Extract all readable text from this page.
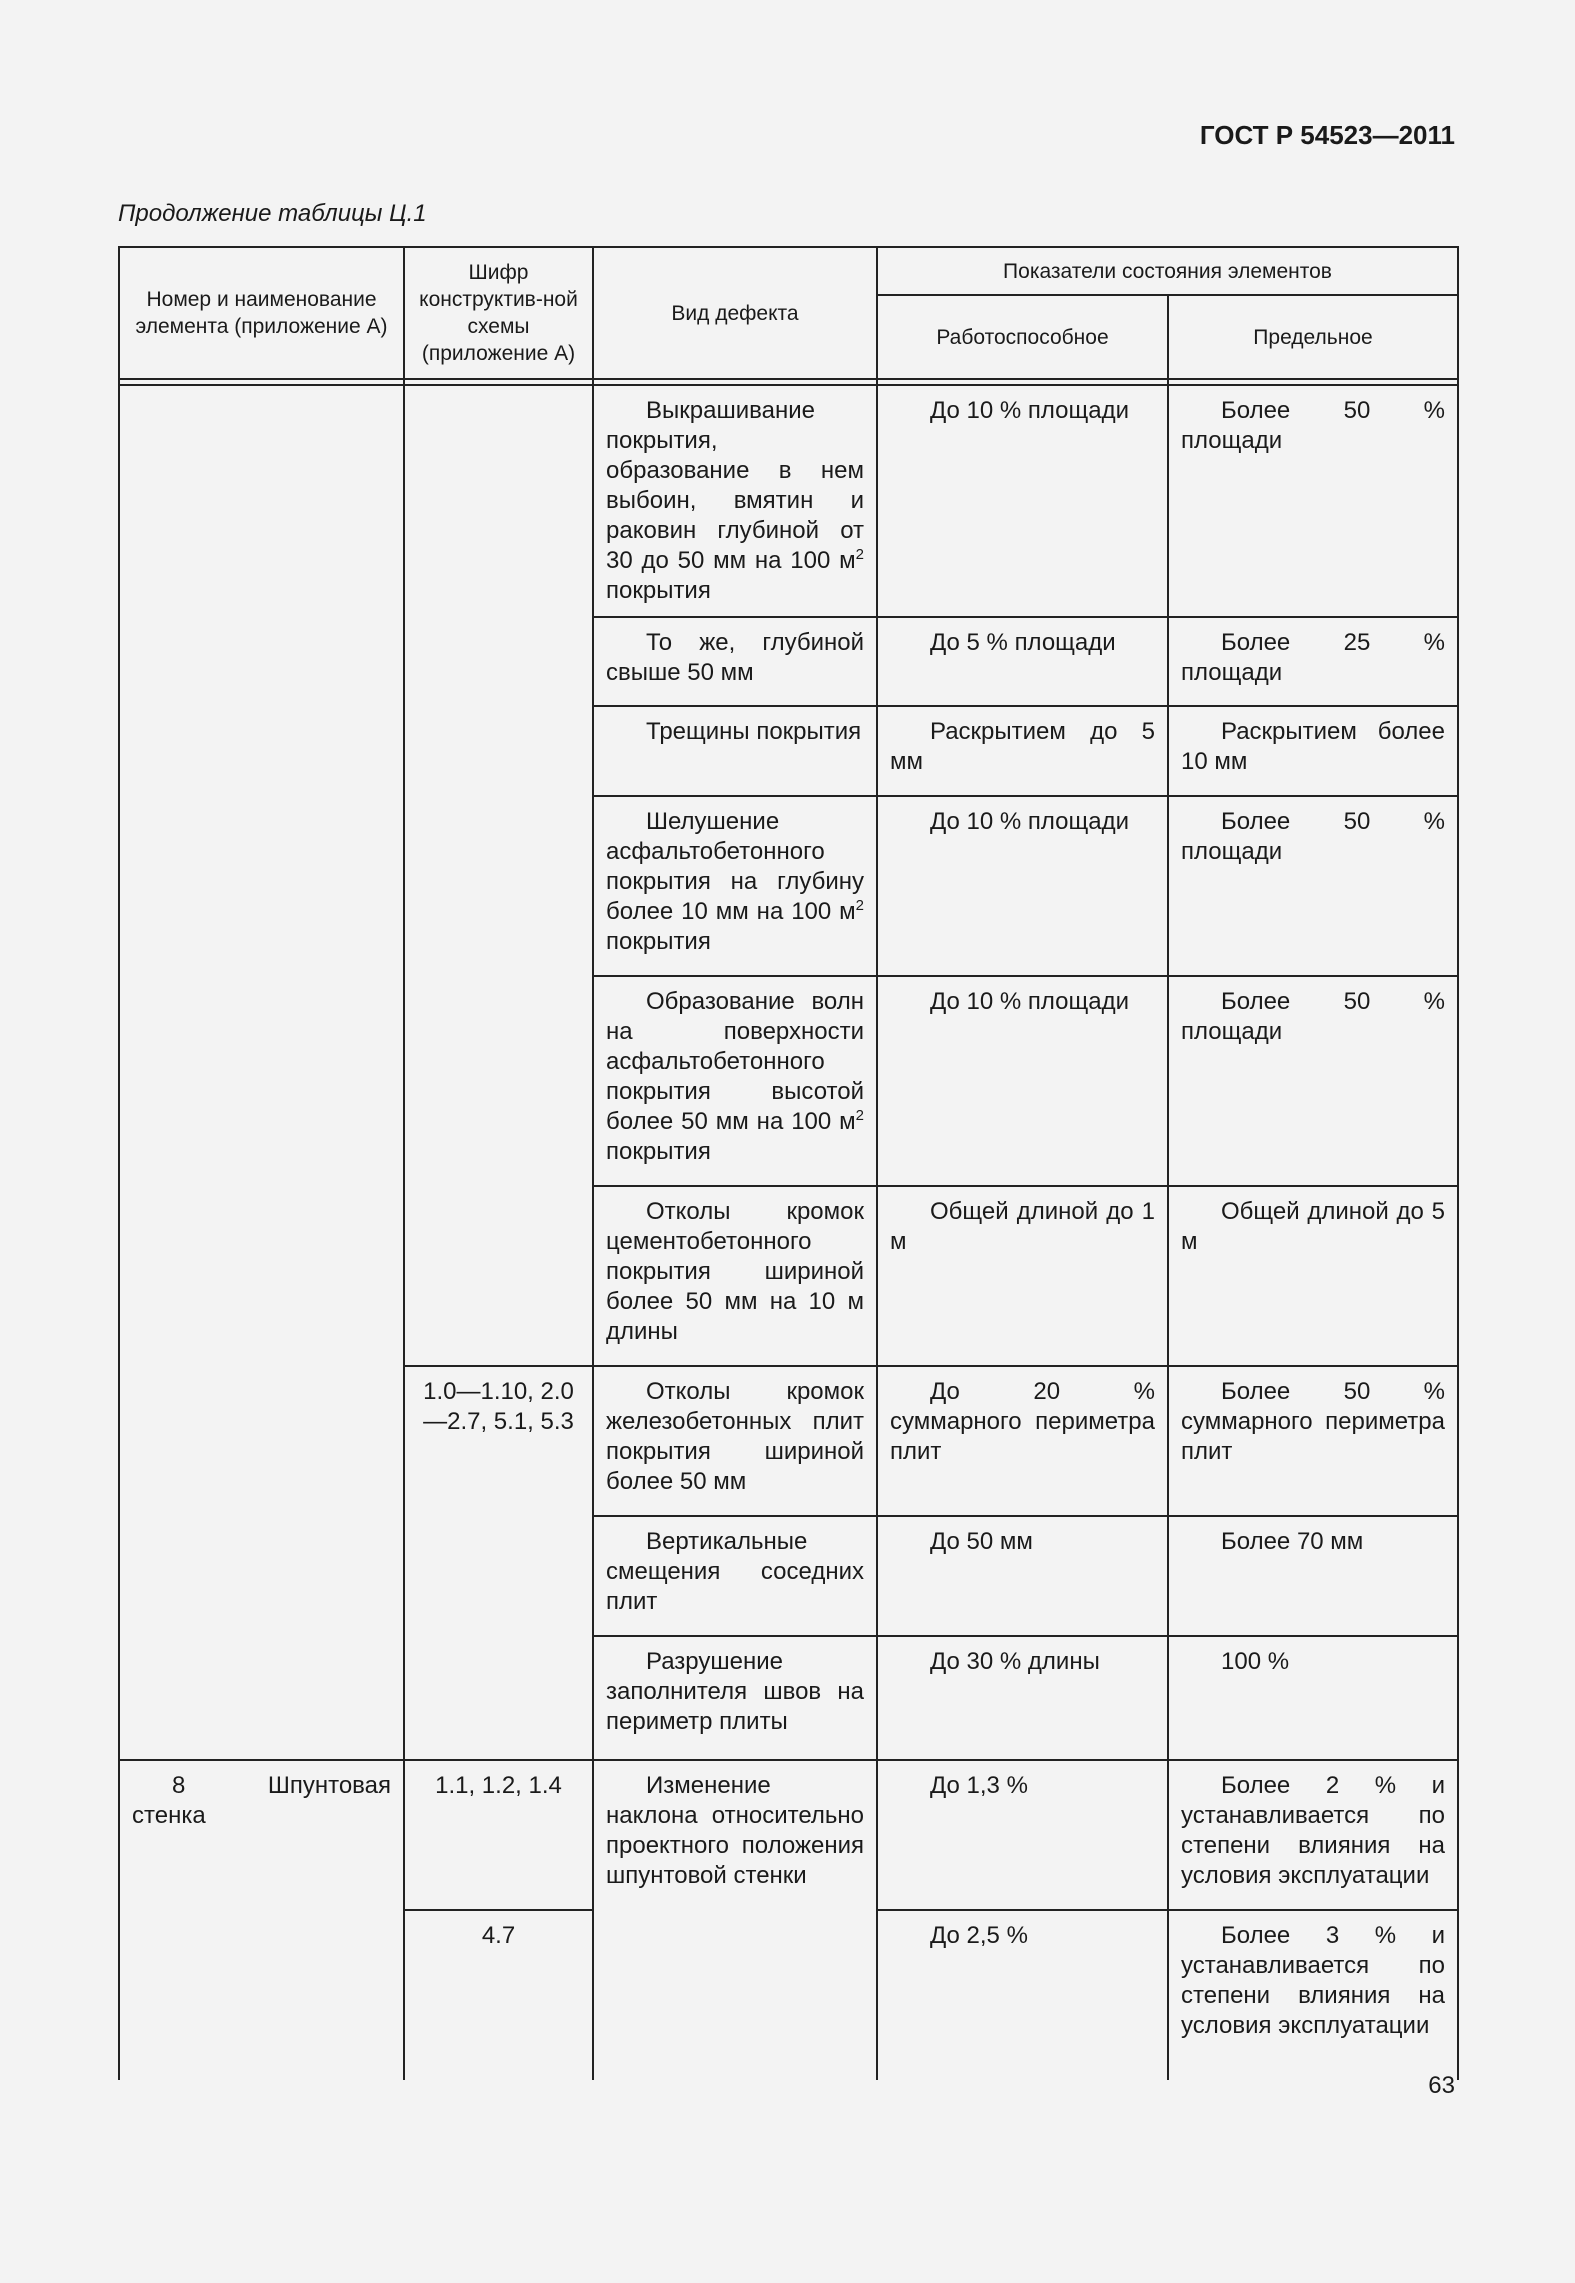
ГОСТ Р 54523—2011
Продолжение таблицы Ц.1
Номер и наименование элемента (приложение А)	Шифр конструктив-ной схемы (приложение А)	Вид дефекта	Показатели состояния элементов	
			Работоспособное	Предельное

		Выкрашивание покрытия, образование в нем выбоин, вмятин и раковин глубиной от 30 до 50 мм на 100 $м^2$ покрытия	До 10 % площади	Более 50 % площади
		То же, глубиной свыше 50 мм	До 5 % площади	Более 25 % площади
		Трещины покрытия	Раскрытием до 5 мм	Раскрытием более 10 мм
		Шелушение асфальтобетонного покрытия на глубину более 10 мм на 100 $м^2$ покрытия	До 10 % площади	Более 50 % площади
		Образование волн на поверхности асфальтобетонного покрытия высотой более 50 мм на 100 $м^2$ покрытия	До 10 % площади	Более 50 % площади
		Отколы кромок цементобетонного покрытия шириной более 50 мм на 10 м длины	Общей длиной до 1 м	Общей длиной до 5 м
	1.0—1.10, 2.0—2.7, 5.1, 5.3	Отколы кромок железобетонных плит покрытия шириной более 50 мм	До 20 % суммарного периметра плит	Более 50 % суммарного периметра плит
		Вертикальные смещения соседних плит	До 50 мм	Более 70 мм
		Разрушение заполнителя швов на периметр плиты	До 30 % длины	100 %
8 Шпунтовая стенка	1.1, 1.2, 1.4	Изменение наклона относительно проектного положения шпунтовой стенки	До 1,3 %	Более 2 % и устанавливается по степени влияния на условия эксплуатации
	4.7		До 2,5 %	Более 3 % и устанавливается по степени влияния на условия эксплуатации
63
